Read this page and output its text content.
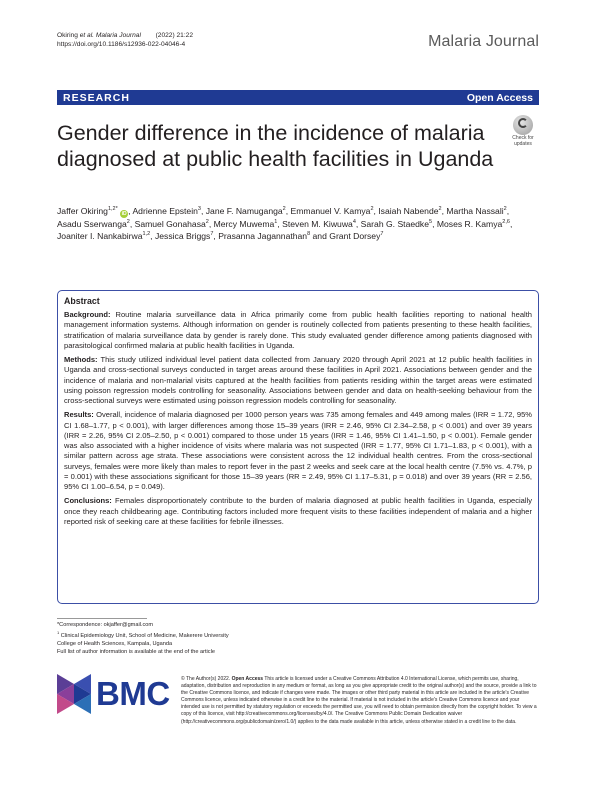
Okiring et al. Malaria Journal (2022) 21:22
https://doi.org/10.1186/s12936-022-04046-4	Malaria Journal
RESEARCH	Open Access
Gender difference in the incidence of malaria diagnosed at public health facilities in Uganda
Check for
updates
Jaffer Okiring$^{1,2*}$ iD , Adrienne Epstein$^3$, Jane F. Namuganga$^2$, Emmanuel V. Kamya$^2$, Isaiah Nabende$^2$, Martha Nassali$^2$, Asadu Sserwanga$^2$, Samuel Gonahasa$^2$, Mercy Muwema$^1$, Steven M. Kiwuwa$^4$, Sarah G. Staedke$^5$, Moses R. Kamya$^{2,6}$, Joaniter I. Nankabirwa$^{1,2}$, Jessica Briggs$^7$, Prasanna Jagannathan$^8$ and Grant Dorsey$^7$
Abstract

Background: Routine malaria surveillance data in Africa primarily come from public health facilities reporting to national health management information systems. Although information on gender is routinely collected from patients presenting to these health facilities, stratification of malaria surveillance data by gender is rarely done. This study evaluated gender difference among patients diagnosed with parasitological confirmed malaria at public health facilities in Uganda.

Methods: This study utilized individual level patient data collected from January 2020 through April 2021 at 12 public health facilities in Uganda and cross-sectional surveys conducted in target areas around these facilities in April 2021. Associations between gender and the incidence of malaria and non-malarial visits captured at the health facilities from patients residing within the target areas were estimated using poisson regression models controlling for seasonality. Associations between gender and data on health-seeking behaviour from the cross-sectional surveys were estimated using poisson regression models controlling for seasonality.

Results: Overall, incidence of malaria diagnosed per 1000 person years was 735 among females and 449 among males (IRR = 1.72, 95% CI 1.68–1.77, p < 0.001), with larger differences among those 15–39 years (IRR = 2.46, 95% CI 2.34–2.58, p < 0.001) and over 39 years (IRR = 2.26, 95% CI 2.05–2.50, p < 0.001) compared to those under 15 years (IRR = 1.46, 95% CI 1.41–1.50, p < 0.001). Female gender was also associated with a higher incidence of visits where malaria was not suspected (IRR = 1.77, 95% CI 1.71–1.83, p < 0.001), with a similar pattern across age strata. These associations were consistent across the 12 individual health centres. From the cross-sectional surveys, females were more likely than males to report fever in the past 2 weeks and seek care at the local health centre (7.5% vs. 4.7%, p = 0.001) with these associations significant for those 15–39 years (RR = 2.49, 95% CI 1.17–5.31, p = 0.018) and over 39 years (RR = 2.56, 95% CI 1.00–6.54, p = 0.049).

Conclusions: Females disproportionately contribute to the burden of malaria diagnosed at public health facilities in Uganda, especially once they reach childbearing age. Contributing factors included more frequent visits to these facilities independent of malaria and a higher reported risk of seeking care at these facilities for febrile illnesses.

*Correspondence: okjaffer@gmail.com
$^1$ Clinical Epidemiology Unit, School of Medicine, Makerere University
College of Health Sciences, Kampala, Uganda
Full list of author information is available at the end of the article
BMC © The Author(s) 2022. Open Access This article is licensed under a Creative Commons Attribution 4.0 International License, which permits use, sharing, adaptation, distribution and reproduction in any medium or format, as long as you give appropriate credit to the original author(s) and the source, provide a link to the Creative Commons licence, and indicate if changes were made. The images or other third party material in this article are included in the article's Creative Commons licence, unless indicated otherwise in a credit line to the material. If material is not included in the article's Creative Commons licence and your intended use is not permitted by statutory regulation or exceeds the permitted use, you will need to obtain permission directly from the copyright holder. To view a copy of this licence, visit http://creativecommons.org/licenses/by/4.0/. The Creative Commons Public Domain Dedication waiver (http://creativecommons.org/publicdomain/zero/1.0/) applies to the data made available in this article, unless otherwise stated in a credit line to the data.
